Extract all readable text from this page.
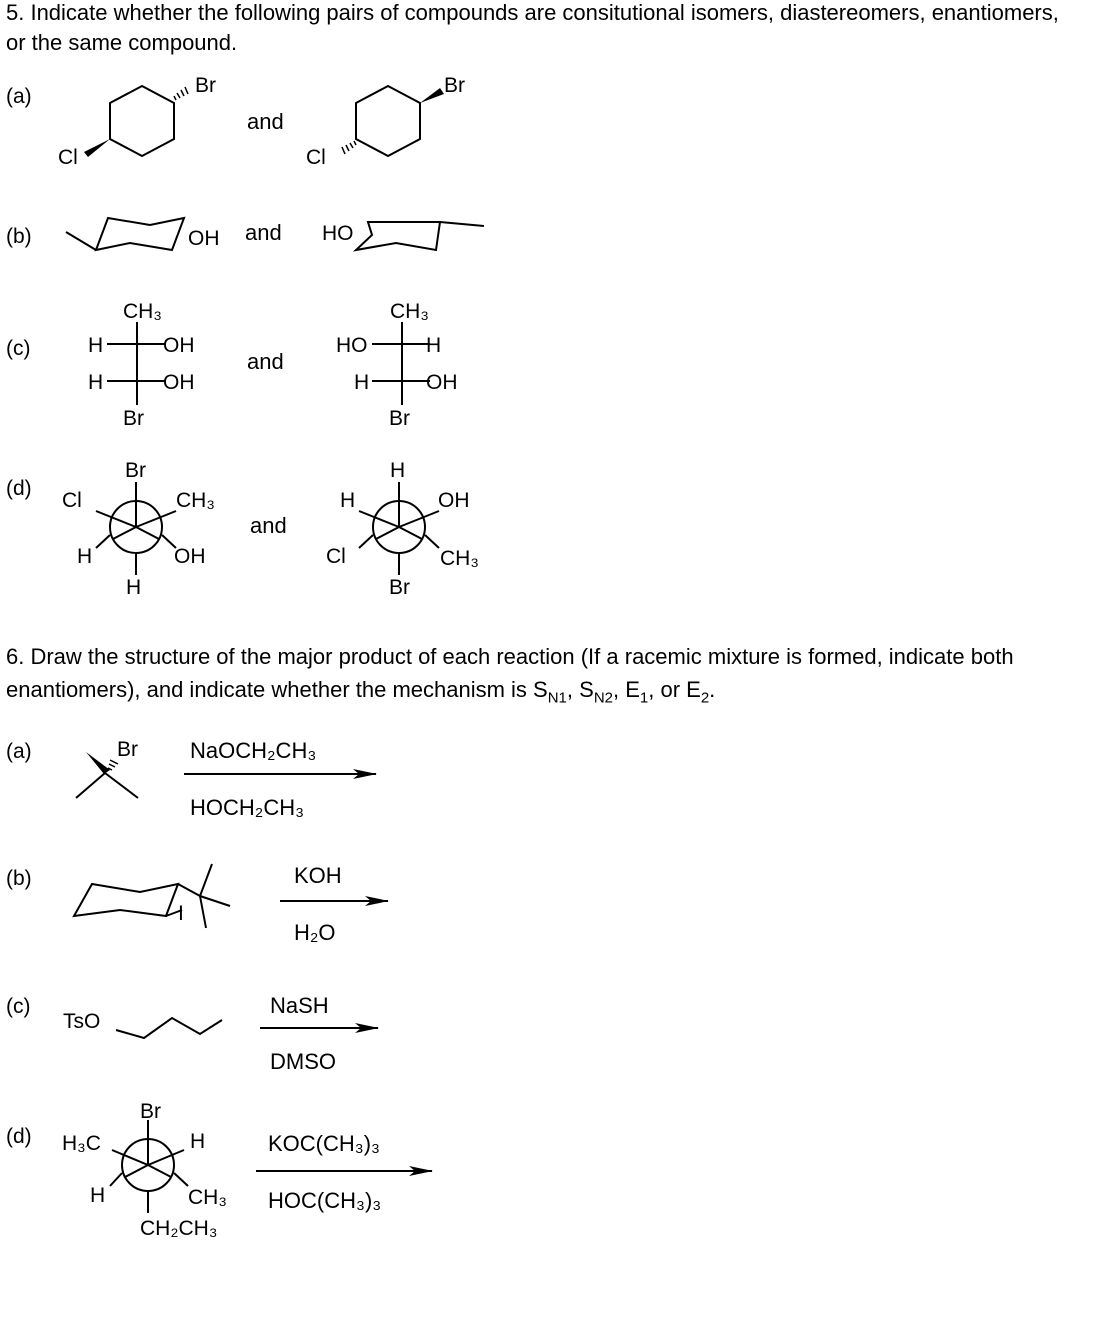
5. Indicate whether the following pairs of compounds are consitutional isomers, diastereomers, enantiomers, or the same compound.
(a)
(b)
(c)
(d)
and
and
and
and
6. Draw the structure of the major product of each reaction (If a racemic mixture is formed, indicate both enantiomers), and indicate whether the mechanism is $S_{N1}$, $S_{N2}$, $E_1$, or $E_2$.
(a)
(b)
(c)
(d)
NaOCH₂CH₃
HOCH₂CH₃
KOH
H₂O
NaSH
DMSO
KOC(CH₃)₃
HOC(CH₃)₃
Br
Cl
Br
Cl
OH	HO
CH₃
H	OH
H	OH
Br
CH₃
HO	H
H	OH
Br
Br
Cl	CH₃
H	OH
H
H
H	OH
Cl	CH₃
Br
Br
I
TsO
Br
H₃C	H
H	CH₃
CH₂CH₃
